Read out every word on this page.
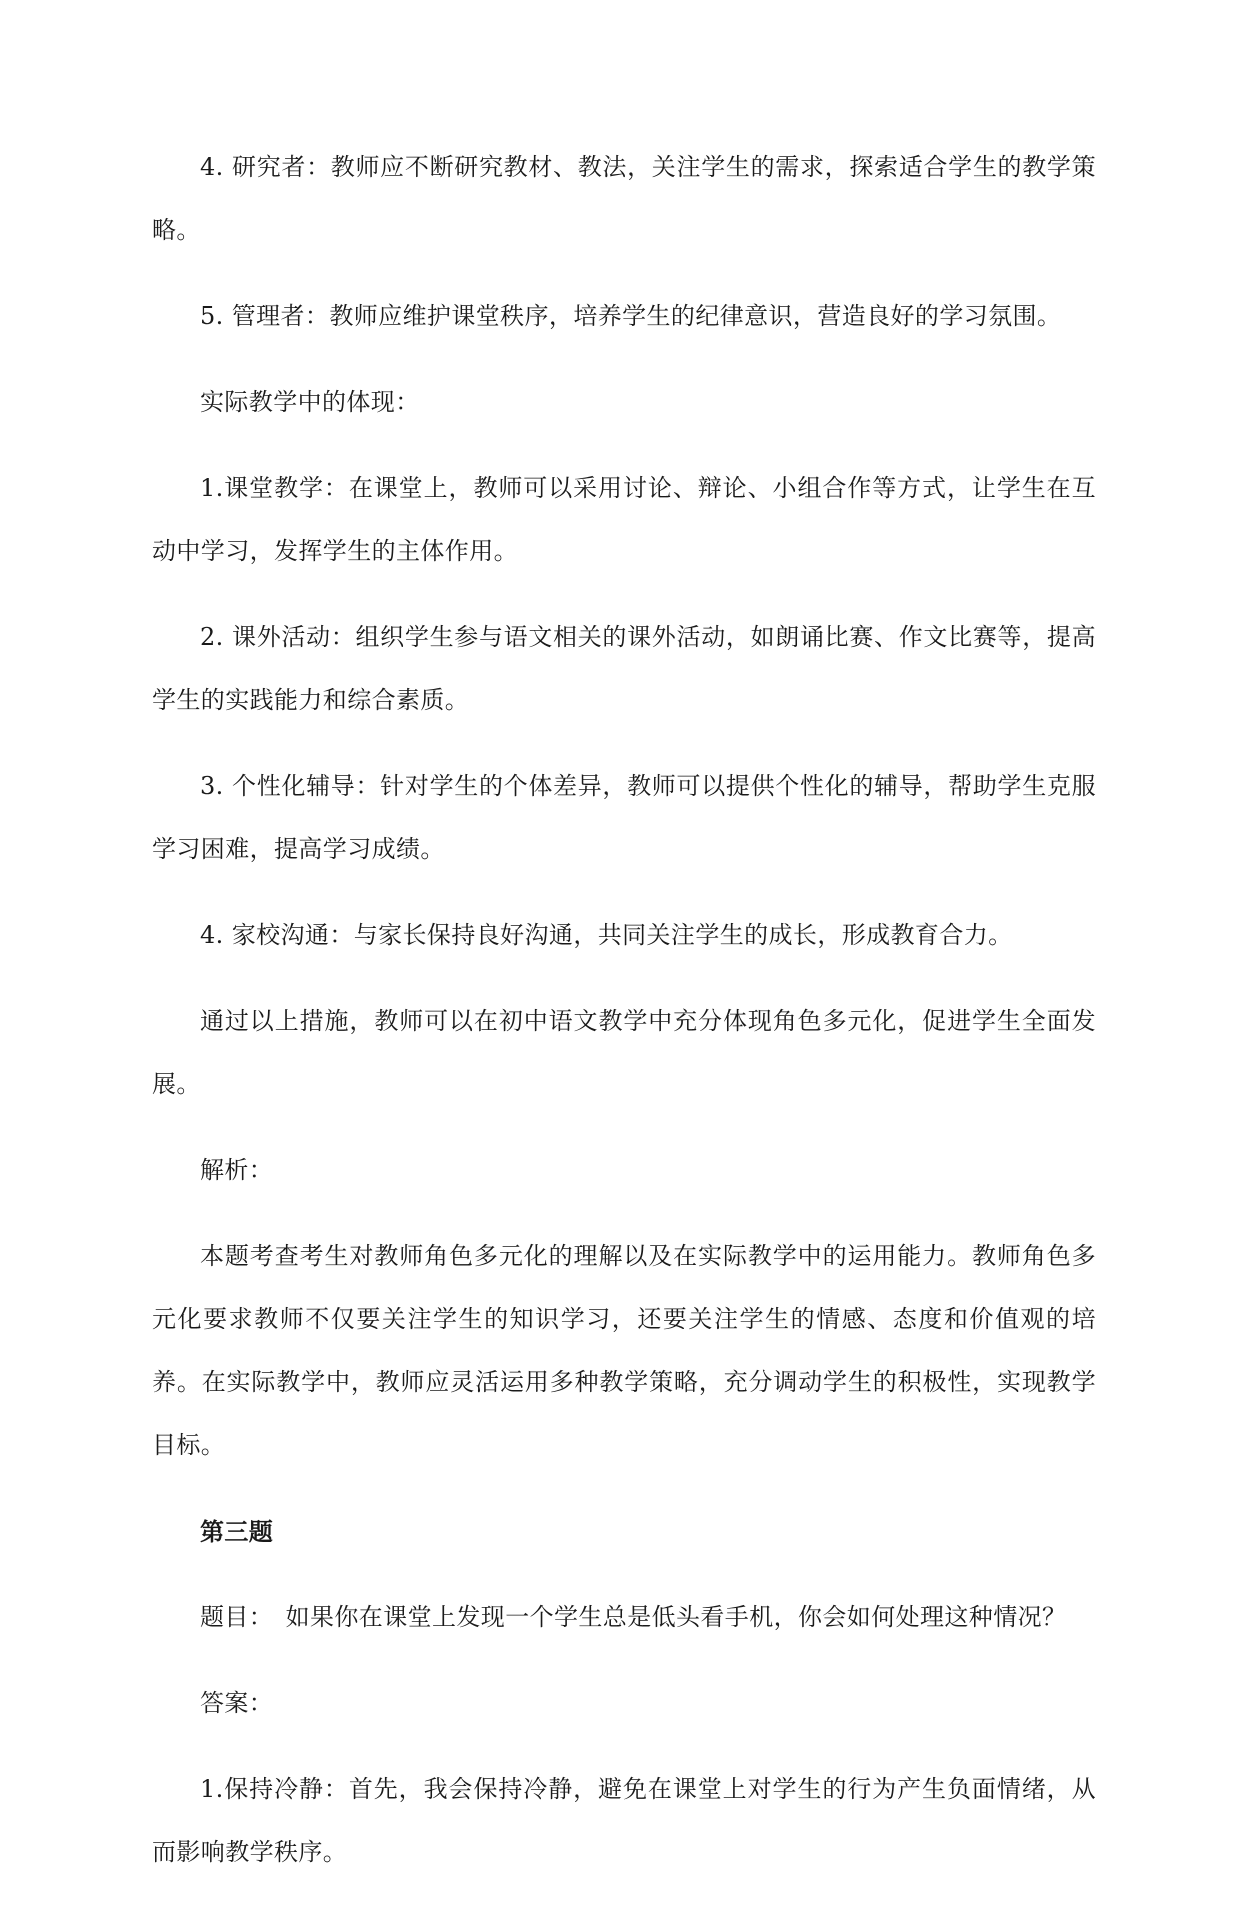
4. 研究者：教师应不断研究教材、教法，关注学生的需求，探索适合学生的教学策略。

5. 管理者：教师应维护课堂秩序，培养学生的纪律意识，营造良好的学习氛围。

实际教学中的体现：

1.课堂教学：在课堂上，教师可以采用讨论、辩论、小组合作等方式，让学生在互动中学习，发挥学生的主体作用。

2. 课外活动：组织学生参与语文相关的课外活动，如朗诵比赛、作文比赛等，提高学生的实践能力和综合素质。

3. 个性化辅导：针对学生的个体差异，教师可以提供个性化的辅导，帮助学生克服学习困难，提高学习成绩。

4. 家校沟通：与家长保持良好沟通，共同关注学生的成长，形成教育合力。

通过以上措施，教师可以在初中语文教学中充分体现角色多元化，促进学生全面发展。

解析：

本题考查考生对教师角色多元化的理解以及在实际教学中的运用能力。教师角色多元化要求教师不仅要关注学生的知识学习，还要关注学生的情感、态度和价值观的培养。在实际教学中，教师应灵活运用多种教学策略，充分调动学生的积极性，实现教学目标。

第三题

题目：　如果你在课堂上发现一个学生总是低头看手机，你会如何处理这种情况？

答案：

1.保持冷静：首先，我会保持冷静，避免在课堂上对学生的行为产生负面情绪，从而影响教学秩序。
